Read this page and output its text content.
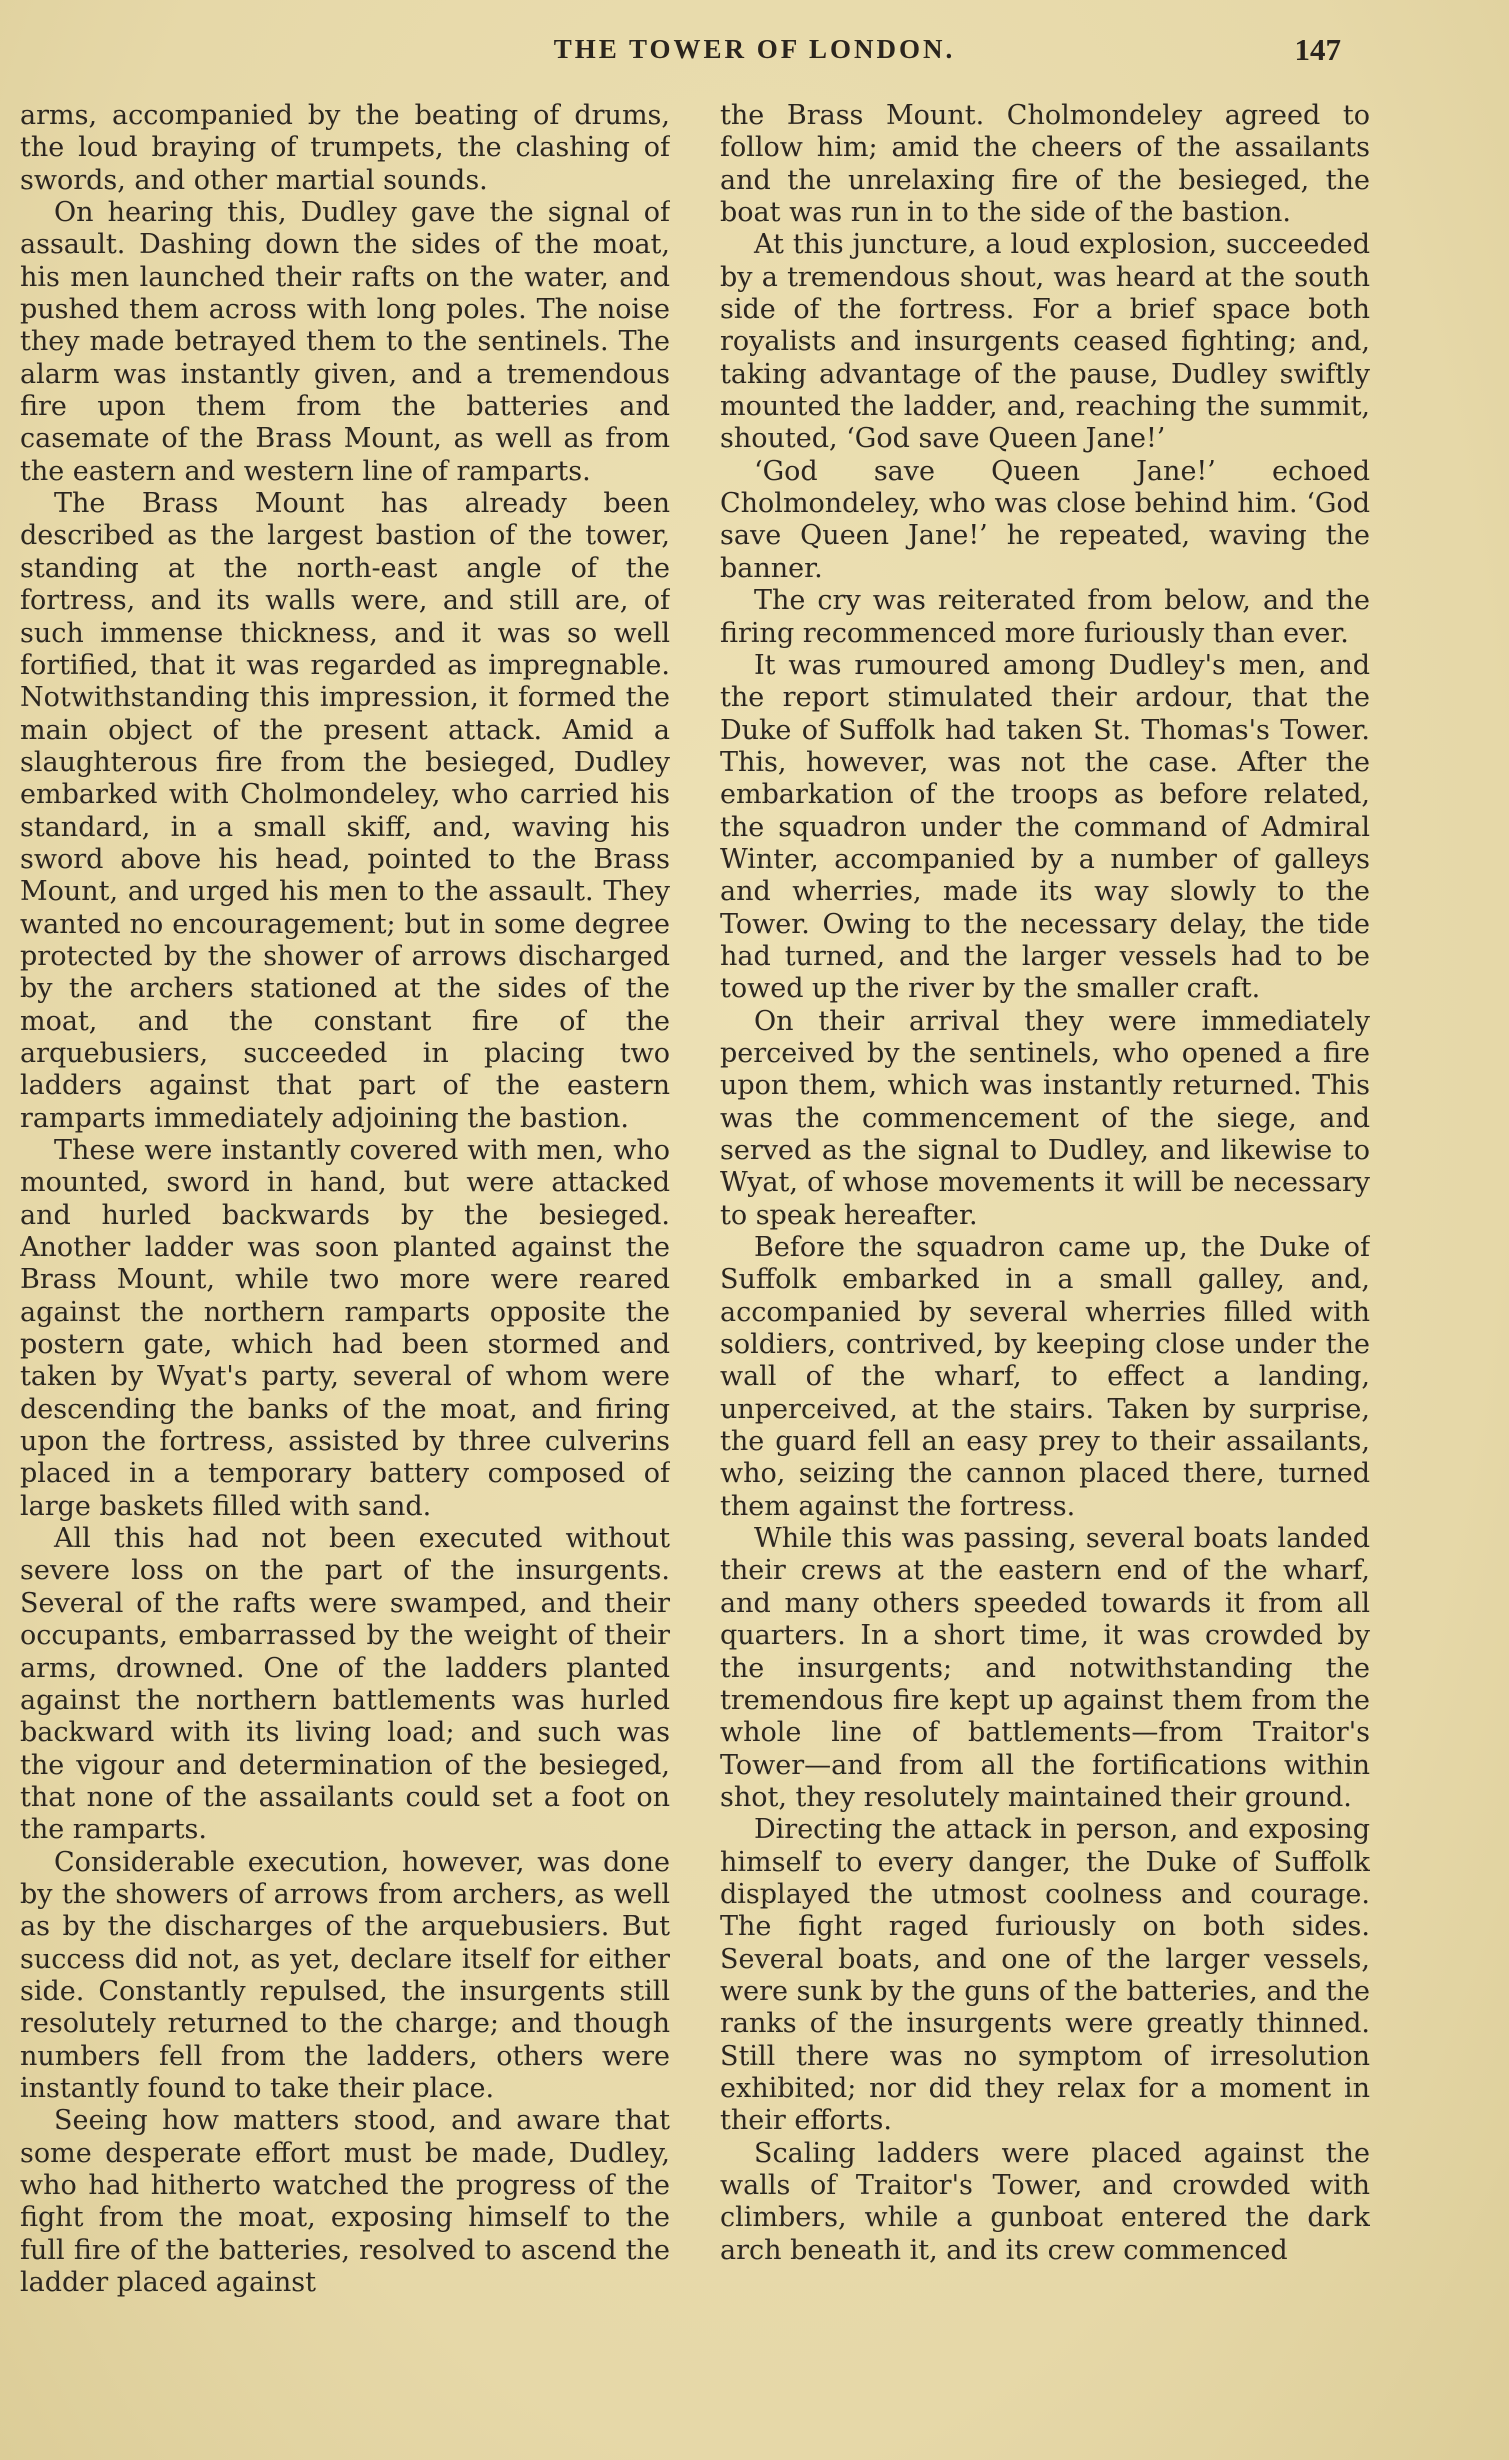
THE TOWER OF LONDON.	147

arms, accompanied by the beating of drums, the loud braying of trumpets, the clashing of swords, and other martial sounds.

On hearing this, Dudley gave the signal of assault. Dashing down the sides of the moat, his men launched their rafts on the water, and pushed them across with long poles. The noise they made betrayed them to the sentinels. The alarm was instantly given, and a tremendous fire upon them from the batteries and casemate of the Brass Mount, as well as from the eastern and western line of ramparts.

The Brass Mount has already been described as the largest bastion of the tower, standing at the north-east angle of the fortress, and its walls were, and still are, of such immense thickness, and it was so well fortified, that it was regarded as impregnable. Notwithstanding this impression, it formed the main object of the present attack. Amid a slaughterous fire from the besieged, Dudley embarked with Cholmondeley, who carried his standard, in a small skiff, and, waving his sword above his head, pointed to the Brass Mount, and urged his men to the assault. They wanted no encouragement; but in some degree protected by the shower of arrows discharged by the archers stationed at the sides of the moat, and the constant fire of the arquebusiers, succeeded in placing two ladders against that part of the eastern ramparts immediately adjoining the bastion.

These were instantly covered with men, who mounted, sword in hand, but were attacked and hurled backwards by the besieged. Another ladder was soon planted against the Brass Mount, while two more were reared against the northern ramparts opposite the postern gate, which had been stormed and taken by Wyat's party, several of whom were descending the banks of the moat, and firing upon the fortress, assisted by three culverins placed in a temporary battery composed of large baskets filled with sand.

All this had not been executed without severe loss on the part of the insurgents. Several of the rafts were swamped, and their occupants, embarrassed by the weight of their arms, drowned. One of the ladders planted against the northern battlements was hurled backward with its living load; and such was the vigour and determination of the besieged, that none of the assailants could set a foot on the ramparts.

Considerable execution, however, was done by the showers of arrows from archers, as well as by the discharges of the arquebusiers. But success did not, as yet, declare itself for either side. Constantly repulsed, the insurgents still resolutely returned to the charge; and though numbers fell from the ladders, others were instantly found to take their place.

Seeing how matters stood, and aware that some desperate effort must be made, Dudley, who had hitherto watched the progress of the fight from the moat, exposing himself to the full fire of the batteries, resolved to ascend the ladder placed against

the Brass Mount. Cholmondeley agreed to follow him; amid the cheers of the assailants and the unrelaxing fire of the besieged, the boat was run in to the side of the bastion.

At this juncture, a loud explosion, succeeded by a tremendous shout, was heard at the south side of the fortress. For a brief space both royalists and insurgents ceased fighting; and, taking advantage of the pause, Dudley swiftly mounted the ladder, and, reaching the summit, shouted, ‘God save Queen Jane!’

‘God save Queen Jane!’ echoed Cholmondeley, who was close behind him. ‘God save Queen Jane!’ he repeated, waving the banner.

The cry was reiterated from below, and the firing recommenced more furiously than ever.

It was rumoured among Dudley's men, and the report stimulated their ardour, that the Duke of Suffolk had taken St. Thomas's Tower. This, however, was not the case. After the embarkation of the troops as before related, the squadron under the command of Admiral Winter, accompanied by a number of galleys and wherries, made its way slowly to the Tower. Owing to the necessary delay, the tide had turned, and the larger vessels had to be towed up the river by the smaller craft.

On their arrival they were immediately perceived by the sentinels, who opened a fire upon them, which was instantly returned. This was the commencement of the siege, and served as the signal to Dudley, and likewise to Wyat, of whose movements it will be necessary to speak hereafter.

Before the squadron came up, the Duke of Suffolk embarked in a small galley, and, accompanied by several wherries filled with soldiers, contrived, by keeping close under the wall of the wharf, to effect a landing, unperceived, at the stairs. Taken by surprise, the guard fell an easy prey to their assailants, who, seizing the cannon placed there, turned them against the fortress.

While this was passing, several boats landed their crews at the eastern end of the wharf, and many others speeded towards it from all quarters. In a short time, it was crowded by the insurgents; and notwithstanding the tremendous fire kept up against them from the whole line of battlements—from Traitor's Tower—and from all the fortifications within shot, they resolutely maintained their ground.

Directing the attack in person, and exposing himself to every danger, the Duke of Suffolk displayed the utmost coolness and courage. The fight raged furiously on both sides. Several boats, and one of the larger vessels, were sunk by the guns of the batteries, and the ranks of the insurgents were greatly thinned. Still there was no symptom of irresolution exhibited; nor did they relax for a moment in their efforts.

Scaling ladders were placed against the walls of Traitor's Tower, and crowded with climbers, while a gunboat entered the dark arch beneath it, and its crew commenced
